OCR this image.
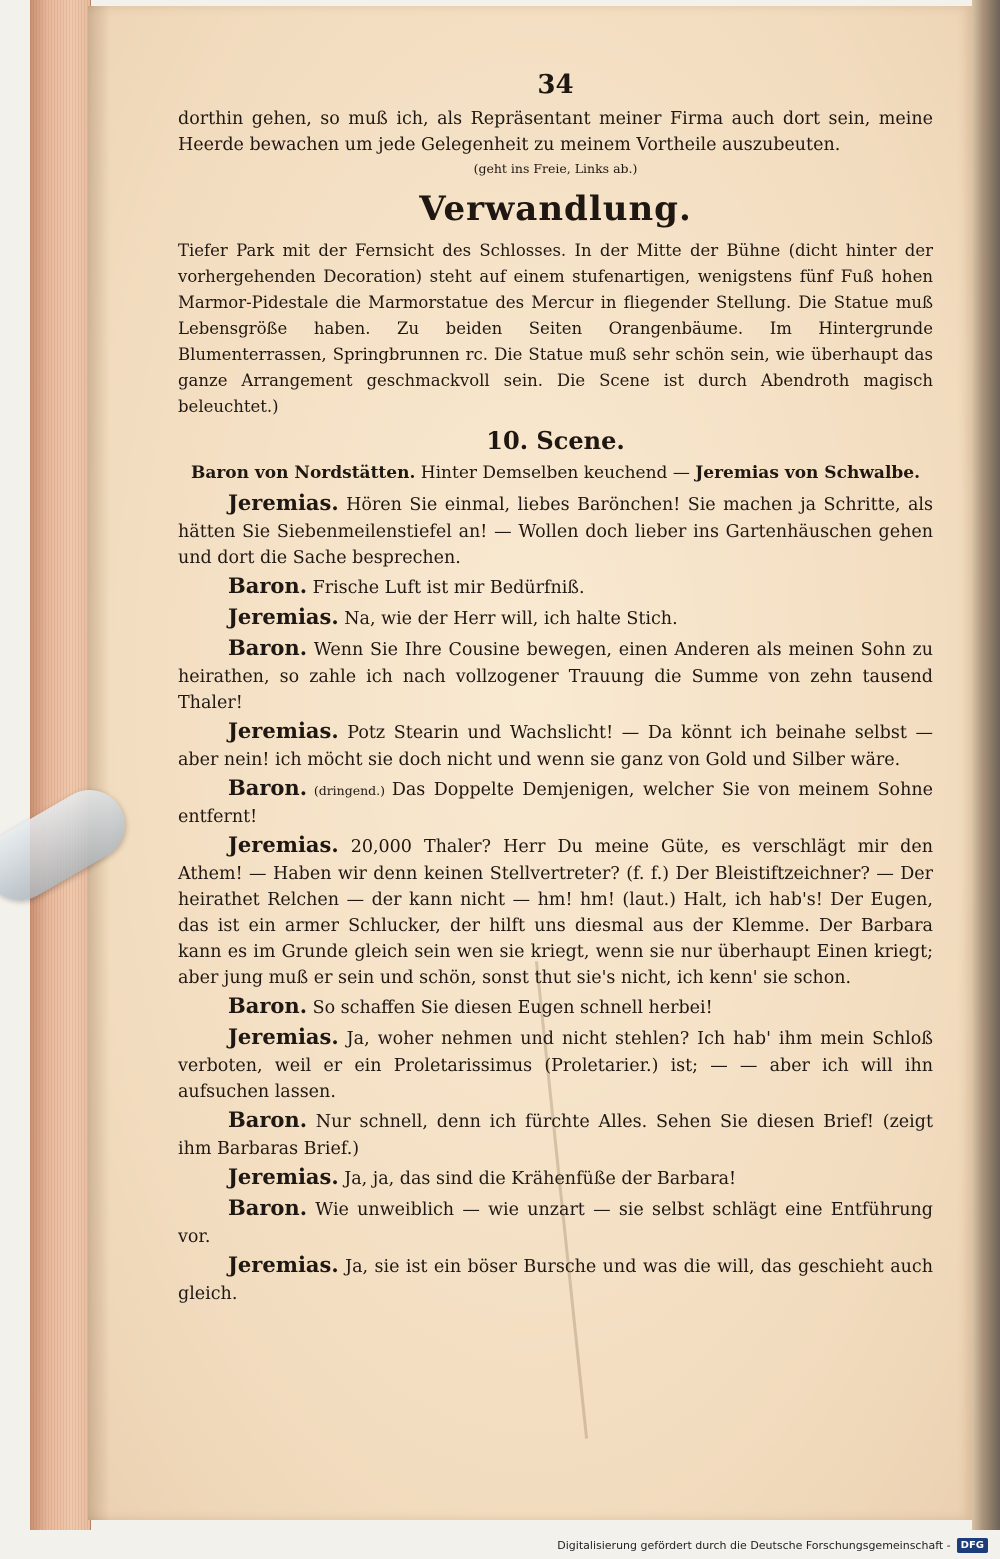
34

dorthin gehen, so muß ich, als Repräsentant meiner Firma auch dort sein, meine Heerde bewachen um jede Gelegenheit zu meinem Vortheile auszubeuten.

(geht ins Freie, Links ab.)

Verwandlung.

Tiefer Park mit der Fernsicht des Schlosses. In der Mitte der Bühne (dicht hinter der vorhergehenden Decoration) steht auf einem stufenartigen, wenigstens fünf Fuß hohen Marmor-Pidestale die Marmorstatue des Mercur in fliegender Stellung. Die Statue muß Lebensgröße haben. Zu beiden Seiten Orangenbäume. Im Hintergrunde Blumenterrassen, Springbrunnen rc. Die Statue muß sehr schön sein, wie überhaupt das ganze Arrangement geschmackvoll sein. Die Scene ist durch Abendroth magisch beleuchtet.)

10. Scene.

Baron von Nordstätten. Hinter Demselben keuchend — Jeremias von Schwalbe.

Jeremias. Hören Sie einmal, liebes Barönchen! Sie machen ja Schritte, als hätten Sie Siebenmeilenstiefel an! — Wollen doch lieber ins Gartenhäuschen gehen und dort die Sache besprechen.

Baron. Frische Luft ist mir Bedürfniß.

Jeremias. Na, wie der Herr will, ich halte Stich.

Baron. Wenn Sie Ihre Cousine bewegen, einen Anderen als meinen Sohn zu heirathen, so zahle ich nach vollzogener Trauung die Summe von zehn tausend Thaler!

Jeremias. Potz Stearin und Wachslicht! — Da könnt ich beinahe selbst — aber nein! ich möcht sie doch nicht und wenn sie ganz von Gold und Silber wäre.

Baron. (dringend.) Das Doppelte Demjenigen, welcher Sie von meinem Sohne entfernt!

Jeremias. 20,000 Thaler? Herr Du meine Güte, es verschlägt mir den Athem! — Haben wir denn keinen Stellvertreter? (f. f.) Der Bleistiftzeichner? — Der heirathet Relchen — der kann nicht — hm! hm! (laut.) Halt, ich hab's! Der Eugen, das ist ein armer Schlucker, der hilft uns diesmal aus der Klemme. Der Barbara kann es im Grunde gleich sein wen sie kriegt, wenn sie nur überhaupt Einen kriegt; aber jung muß er sein und schön, sonst thut sie's nicht, ich kenn' sie schon.

Baron. So schaffen Sie diesen Eugen schnell herbei!

Jeremias. Ja, woher nehmen und nicht stehlen? Ich hab' ihm mein Schloß verboten, weil er ein Proletarissimus (Proletarier.) ist; — — aber ich will ihn aufsuchen lassen.

Baron. Nur schnell, denn ich fürchte Alles. Sehen Sie diesen Brief! (zeigt ihm Barbaras Brief.)

Jeremias. Ja, ja, das sind die Krähenfüße der Barbara!

Baron. Wie unweiblich — wie unzart — sie selbst schlägt eine Entführung vor.

Jeremias. Ja, sie ist ein böser Bursche und was die will, das geschieht auch gleich.

Digitalisierung gefördert durch die Deutsche Forschungsgemeinschaft -	DFG
